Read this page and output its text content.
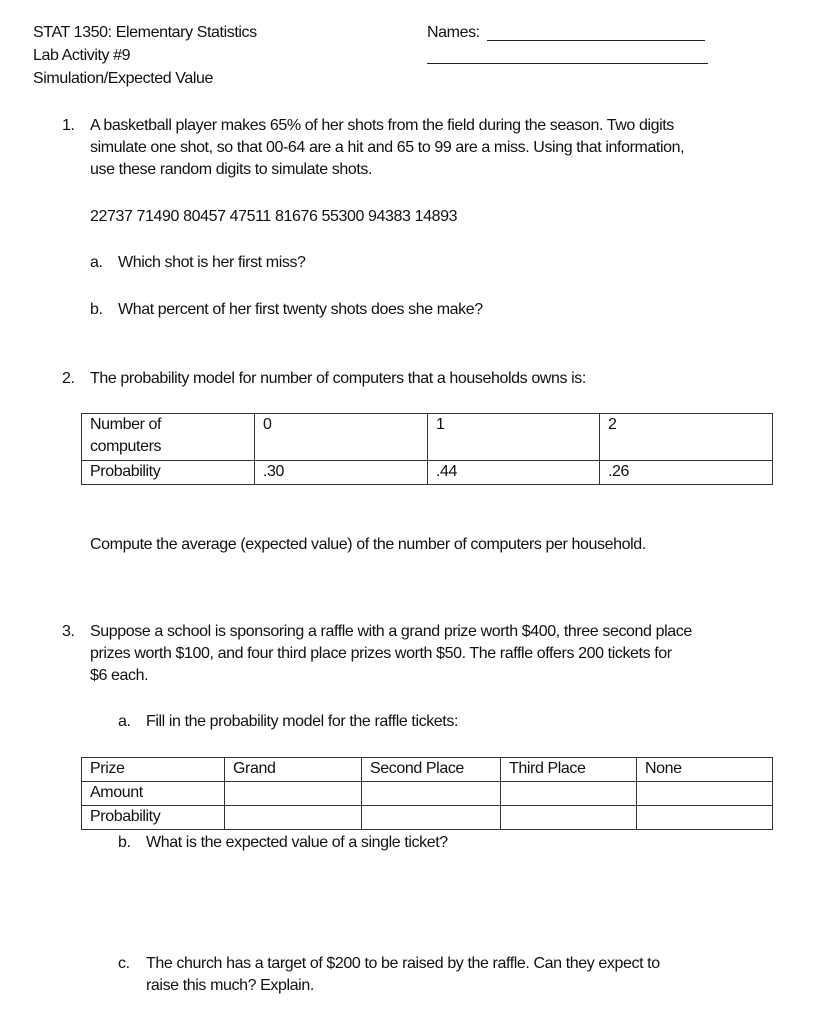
STAT 1350: Elementary Statistics
Lab Activity #9
Simulation/Expected Value
Names:
1. A basketball player makes 65% of her shots from the field during the season. Two digits
simulate one shot, so that 00-64 are a hit and 65 to 99 are a miss. Using that information,
use these random digits to simulate shots.
22737 71490 80457 47511 81676 55300 94383 14893
a. Which shot is her first miss?
b. What percent of her first twenty shots does she make?
2. The probability model for number of computers that a households owns is:
Number of
computers	0	1	2
Probability	.30	.44	.26
Compute the average (expected value) of the number of computers per household.
3. Suppose a school is sponsoring a raffle with a grand prize worth $400, three second place
prizes worth $100, and four third place prizes worth $50. The raffle offers 200 tickets for
$6 each.
a. Fill in the probability model for the raffle tickets:
Prize	Grand	Second Place	Third Place	None
Amount				
Probability				
b. What is the expected value of a single ticket?
c. The church has a target of $200 to be raised by the raffle. Can they expect to
raise this much? Explain.
